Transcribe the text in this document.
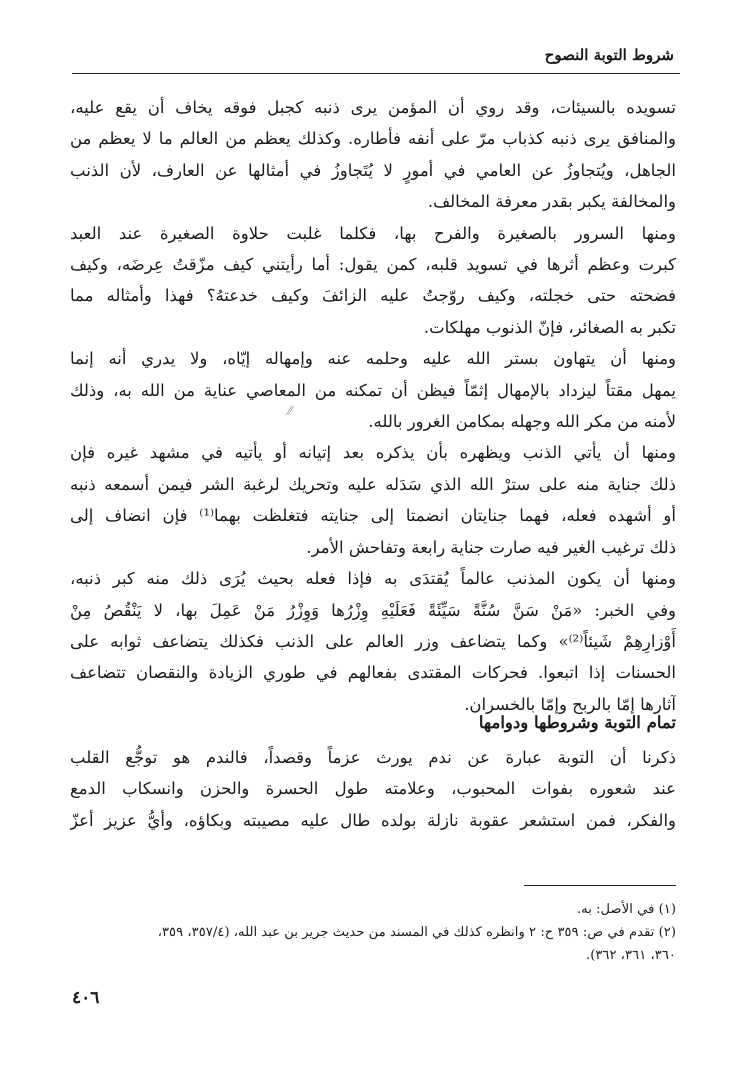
شروط التوبة النصوح
تسويده بالسيئات، وقد روي أن المؤمن يرى ذنبه كجبل فوقه يخاف أن يقع عليه،
والمنافق يرى ذنبه كذباب مرّ على أنفه فأطاره. وكذلك يعظم من العالم ما لا يعظم من
الجاهل، ويُتجاوزُ عن العامي في أمورٍ لا يُتَجاوزُ في أمثالها عن العارف، لأن الذنب
والمخالفة يكبر بقدر معرفة المخالف.
ومنها السرور بالصغيرة والفرح بها، فكلما غلبت حلاوة الصغيرة عند العبد
كبرت وعظم أثرها في تسويد قلبه، كمن يقول: أما رأيتني كيف مزّقتُ عِرضَه، وكيف
فضحته حتى خجلته، وكيف روّجتُ عليه الزائفَ وكيف خدعتهُ؟ فهذا وأمثاله مما
تكبر به الصغائر، فإنّ الذنوب مهلكات.
ومنها أن يتهاون بستر الله عليه وحلمه عنه وإمهاله إيّاه، ولا يدري أنه إنما
يمهل مقتاً ليزداد بالإمهال إثمّاً فيظن أن تمكنه من المعاصي عناية من الله به، وذلك
لأمنه من مكر الله وجهله بمكامن الغرور بالله.
ومنها أن يأتي الذنب ويظهره بأن يذكره بعد إتيانه أو يأتيه في مشهد غيره فإن
ذلك جناية منه على سترْ الله الذي سَدَله عليه وتحريك لرغبة الشر فيمن أسمعه ذنبه
أو أشهده فعله، فهما جنايتان انضمتا إلى جنايته فتغلظت بهما⁽¹⁾ فإن انضاف إلى
ذلك ترغيب الغير فيه صارت جناية رابعة وتفاحش الأمر.
ومنها أن يكون المذنب عالماً يُقتدَى به فإذا فعله بحيث يُرَى ذلك منه كبر ذنبه،
وفي الخبر: «مَنْ سَنَّ سُنَّةً سَيِّئَةً فَعَلَيْهِ وِزْرُها وَوِزْرُ مَنْ عَمِلَ بها، لا يَنْقُصُ مِنْ
أَوْزارِهِمْ شَيئاً⁽²⁾» وكما يتضاعف وزر العالم على الذنب فكذلك يتضاعف ثوابه على
الحسنات إذا اتبعوا. فحركات المقتدى بفعالهم في طوري الزيادة والنقصان تتضاعف
آثارها إمّا بالربح وإمّا بالخسران.
⁄⁄
تمام التوبة وشروطها ودوامها
ذكرنا أن التوبة عبارة عن ندم يورث عزماً وقصداً، فالندم هو توجُّع القلب
عند شعوره بفوات المحبوب، وعلامته طول الحسرة والحزن وانسكاب الدمع
والفكر، فمن استشعر عقوبة نازلة بولده طال عليه مصيبته وبكاؤه، وأيُّ عزيز أعزّ
(١) في الأصل: به.
(٢) تقدم في ص: ٣٥٩ ح: ٢ وانظره كذلك في المسند من حديث جرير بن عبد الله، (٣٥٧/٤، ٣٥٩،
٣٦٠، ٣٦١، ٣٦٢).
٤٠٦
